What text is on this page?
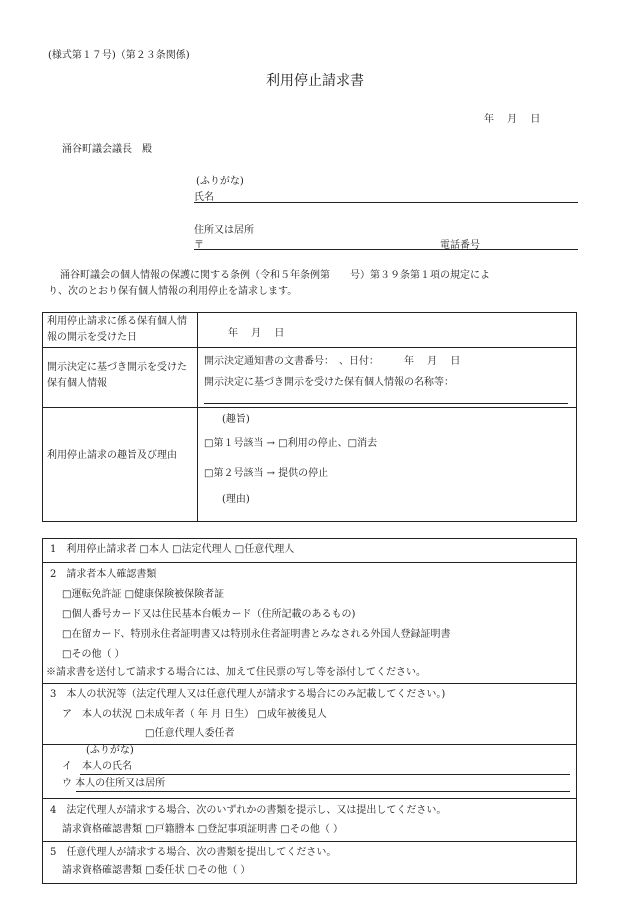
(様式第１７号)（第２３条関係)
利用停止請求書
年　 月　 日
涌谷町議会議長　殿
(ふりがな)
氏名
住所又は居所
〒	電話番号
涌谷町議会の個人情報の保護に関する条例（令和５年条例第　　号）第３９条第１項の規定によ
り、次のとおり保有個人情報の利用停止を請求します。
利用停止請求に係る保有個人情報の開示を受けた日	年　 月　 日
開示決定に基づき開示を受けた保有個人情報
開示決定通知書の文書番号：　、日付：　　　年　 月　 日
開示決定に基づき開示を受けた保有個人情報の名称等：
利用停止請求の趣旨及び理由
(趣旨)
□第１号該当 → □利用の停止、□消去
□第２号該当 → 提供の停止
(理由)
1　利用停止請求者 □本人 □法定代理人 □任意代理人
2　請求者本人確認書類
□運転免許証 □健康保険被保険者証
□個人番号カード又は住民基本台帳カード（住所記載のあるもの)
□在留カード、特別永住者証明書又は特別永住者証明書とみなされる外国人登録証明書
□その他（ ）
※請求書を送付して請求する場合には、加えて住民票の写し等を添付してください。
3　本人の状況等（法定代理人又は任意代理人が請求する場合にのみ記載してください。)
ア　本人の状況 □未成年者（ 年 月 日生） □成年被後見人
□任意代理人委任者
(ふりがな)
イ　本人の氏名
ウ 本人の住所又は居所
4　法定代理人が請求する場合、次のいずれかの書類を提示し、又は提出してください。
請求資格確認書類 □戸籍謄本 □登記事項証明書 □その他（ ）
5　任意代理人が請求する場合、次の書類を提出してください。
請求資格確認書類 □委任状 □その他（ ）
